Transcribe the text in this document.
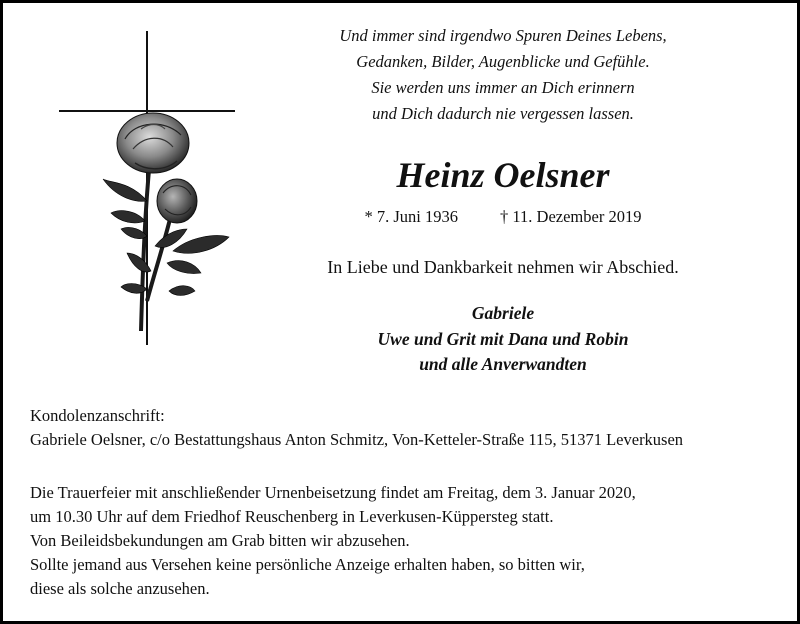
Und immer sind irgendwo Spuren Deines Lebens,
Gedanken, Bilder, Augenblicke und Gefühle.
Sie werden uns immer an Dich erinnern
und Dich dadurch nie vergessen lassen.
Heinz Oelsner
* 7. Juni 1936	† 11. Dezember 2019
In Liebe und Dankbarkeit nehmen wir Abschied.
Gabriele
Uwe und Grit mit Dana und Robin
und alle Anverwandten
Kondolenzanschrift:
Gabriele Oelsner, c/o Bestattungshaus Anton Schmitz, Von-Ketteler-Straße 115, 51371 Leverkusen
Die Trauerfeier mit anschließender Urnenbeisetzung findet am Freitag, dem 3. Januar 2020,
um 10.30 Uhr auf dem Friedhof Reuschenberg in Leverkusen-Küppersteg statt.
Von Beileidsbekundungen am Grab bitten wir abzusehen.
Sollte jemand aus Versehen keine persönliche Anzeige erhalten haben, so bitten wir,
diese als solche anzusehen.
